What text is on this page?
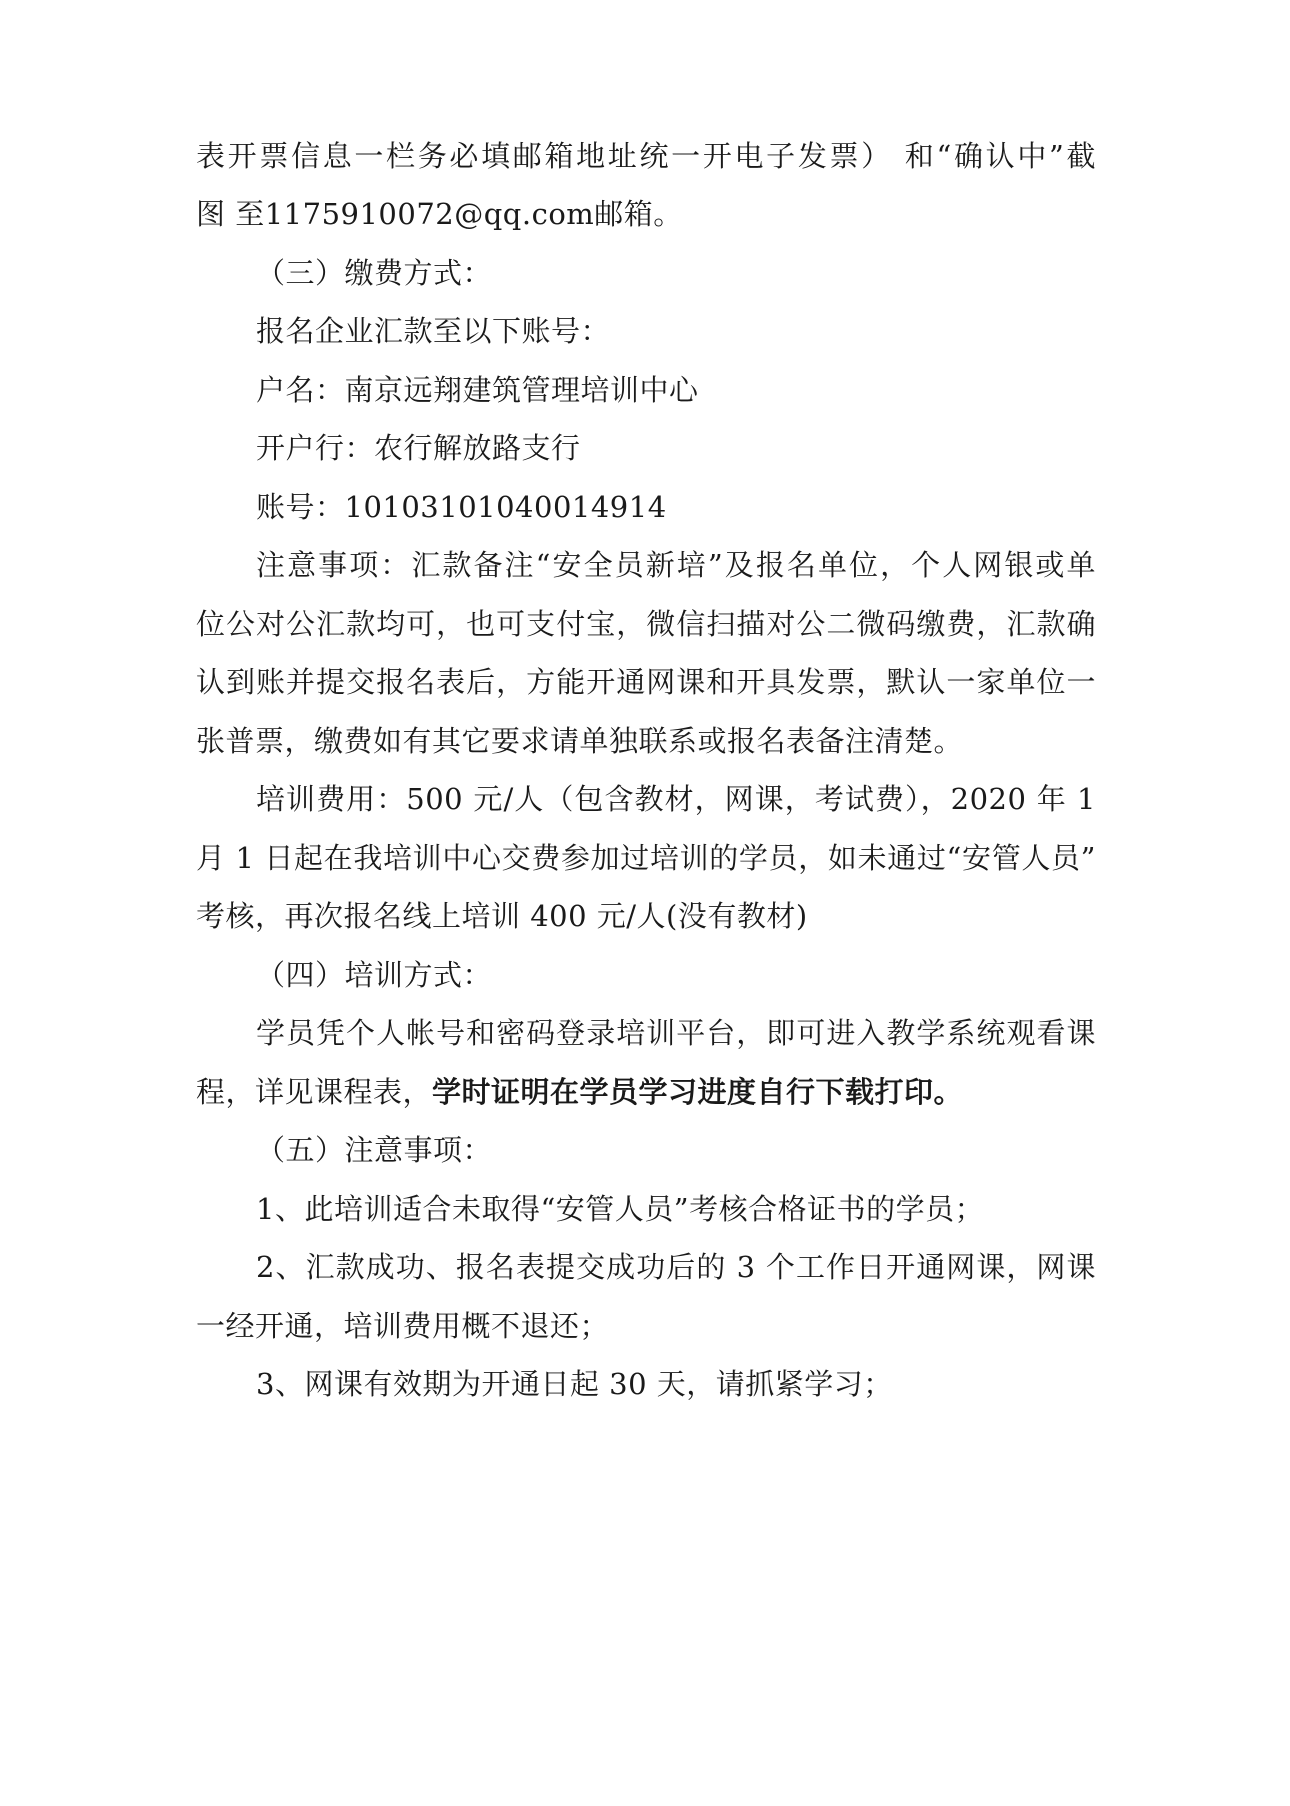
表开票信息一栏务必填邮箱地址统一开电子发票） 和“确认中”截
图 至1175910072@qq.com邮箱。
（三）缴费方式：
报名企业汇款至以下账号：
户名：南京远翔建筑管理培训中心
开户行：农行解放路支行
账号：10103101040014914
注意事项：汇款备注“安全员新培”及报名单位，个人网银或单
位公对公汇款均可，也可支付宝，微信扫描对公二微码缴费，汇款确
认到账并提交报名表后，方能开通网课和开具发票，默认一家单位一
张普票，缴费如有其它要求请单独联系或报名表备注清楚。
培训费用：500 元/人（包含教材，网课，考试费），2020 年 1
月 1 日起在我培训中心交费参加过培训的学员，如未通过“安管人员”
考核，再次报名线上培训 400 元/人(没有教材)
（四）培训方式：
学员凭个人帐号和密码登录培训平台，即可进入教学系统观看课
程，详见课程表，学时证明在学员学习进度自行下载打印。
（五）注意事项：
1、此培训适合未取得“安管人员”考核合格证书的学员；
2、汇款成功、报名表提交成功后的 3 个工作日开通网课，网课
一经开通，培训费用概不退还；
3、网课有效期为开通日起 30 天，请抓紧学习；
